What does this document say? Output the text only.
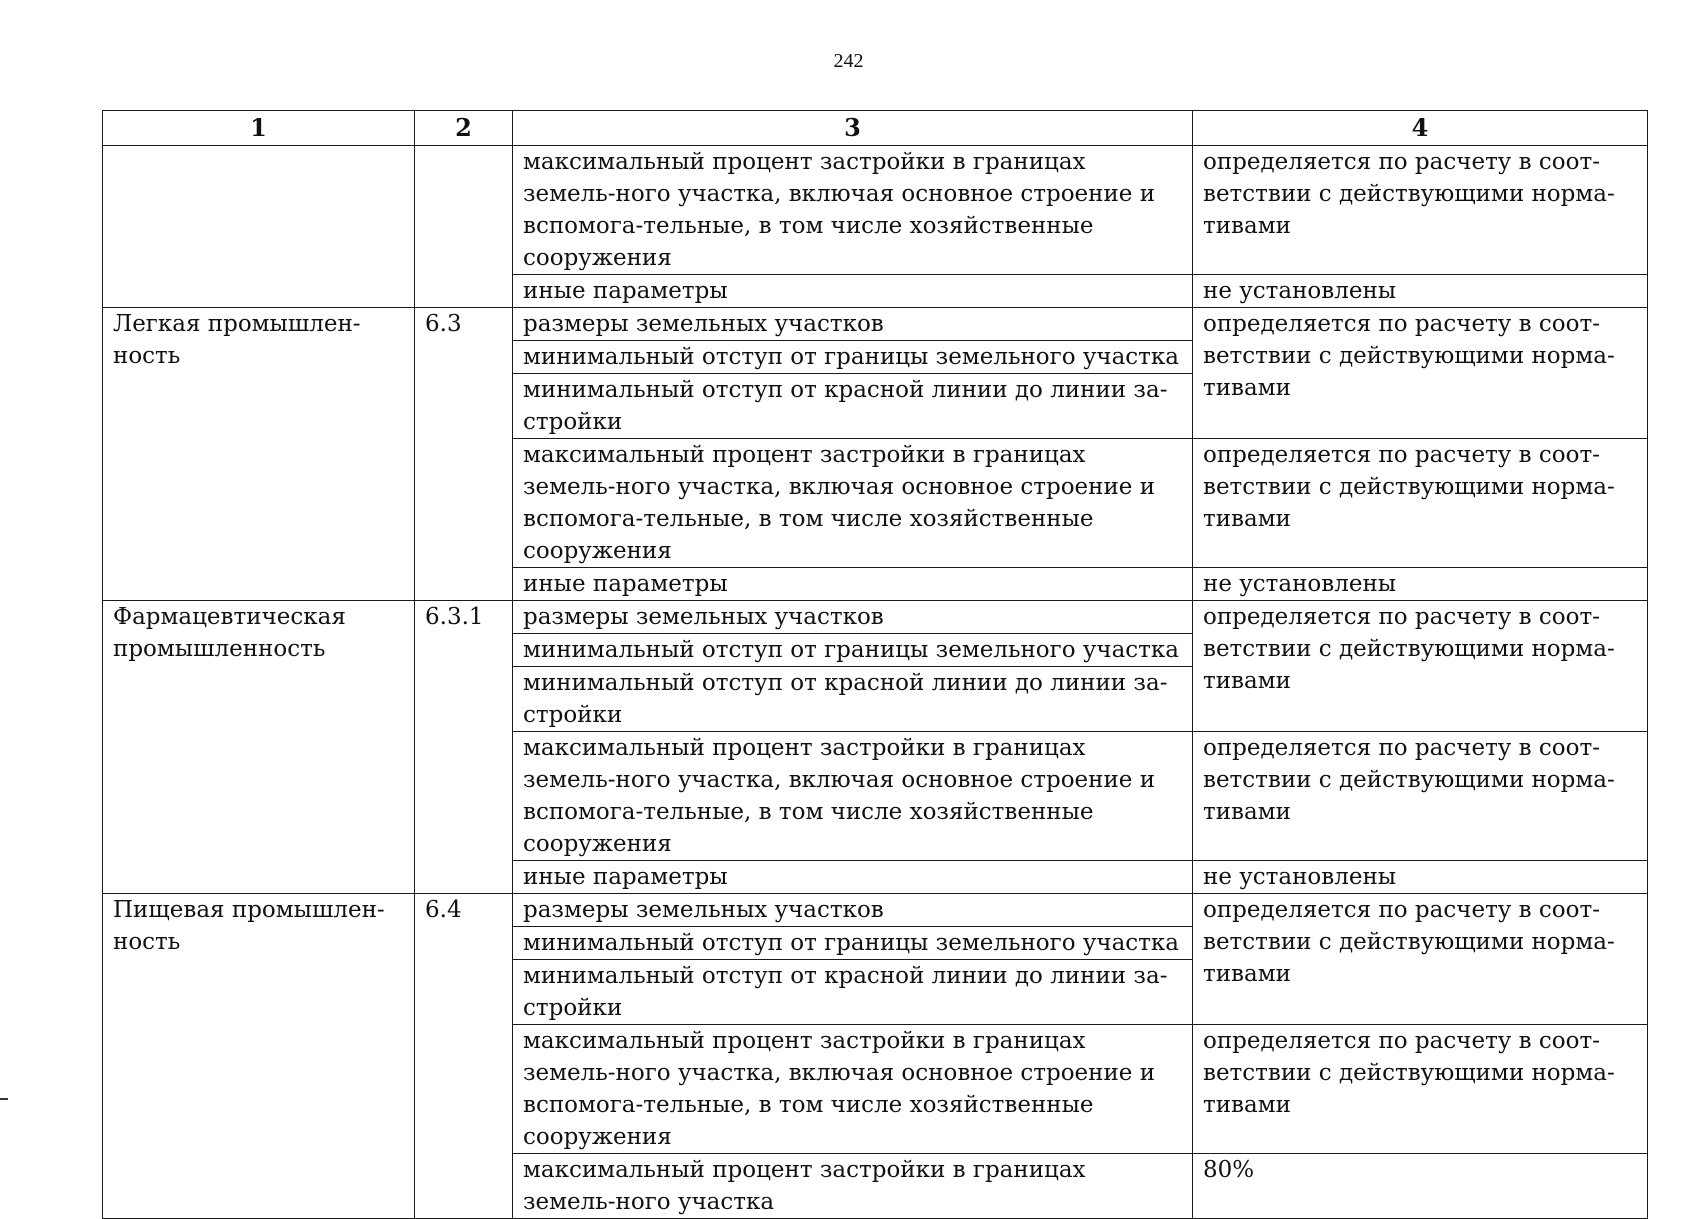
242
1	2	3	4
		максимальный процент застройки в границах земель-ного участка, включая основное строение и вспомога-тельные, в том числе хозяйственные сооружения	определяется по расчету в соот-ветствии с действующими норма-тивами
		иные параметры	не установлены
Легкая промышлен-ность	6.3	размеры земельных участков	определяется по расчету в соот-ветствии с действующими норма-тивами
		минимальный отступ от границы земельного участка	
		минимальный отступ от красной линии до линии за-стройки	
		максимальный процент застройки в границах земель-ного участка, включая основное строение и вспомога-тельные, в том числе хозяйственные сооружения	определяется по расчету в соот-ветствии с действующими норма-тивами
		иные параметры	не установлены
Фармацевтическая промышленность	6.3.1	размеры земельных участков	определяется по расчету в соот-ветствии с действующими норма-тивами
		минимальный отступ от границы земельного участка	
		минимальный отступ от красной линии до линии за-стройки	
		максимальный процент застройки в границах земель-ного участка, включая основное строение и вспомога-тельные, в том числе хозяйственные сооружения	определяется по расчету в соот-ветствии с действующими норма-тивами
		иные параметры	не установлены
Пищевая промышлен-ность	6.4	размеры земельных участков	определяется по расчету в соот-ветствии с действующими норма-тивами
		минимальный отступ от границы земельного участка	
		минимальный отступ от красной линии до линии за-стройки	
		максимальный процент застройки в границах земель-ного участка, включая основное строение и вспомога-тельные, в том числе хозяйственные сооружения	определяется по расчету в соот-ветствии с действующими норма-тивами
		максимальный процент застройки в границах земель-ного участка	80%
